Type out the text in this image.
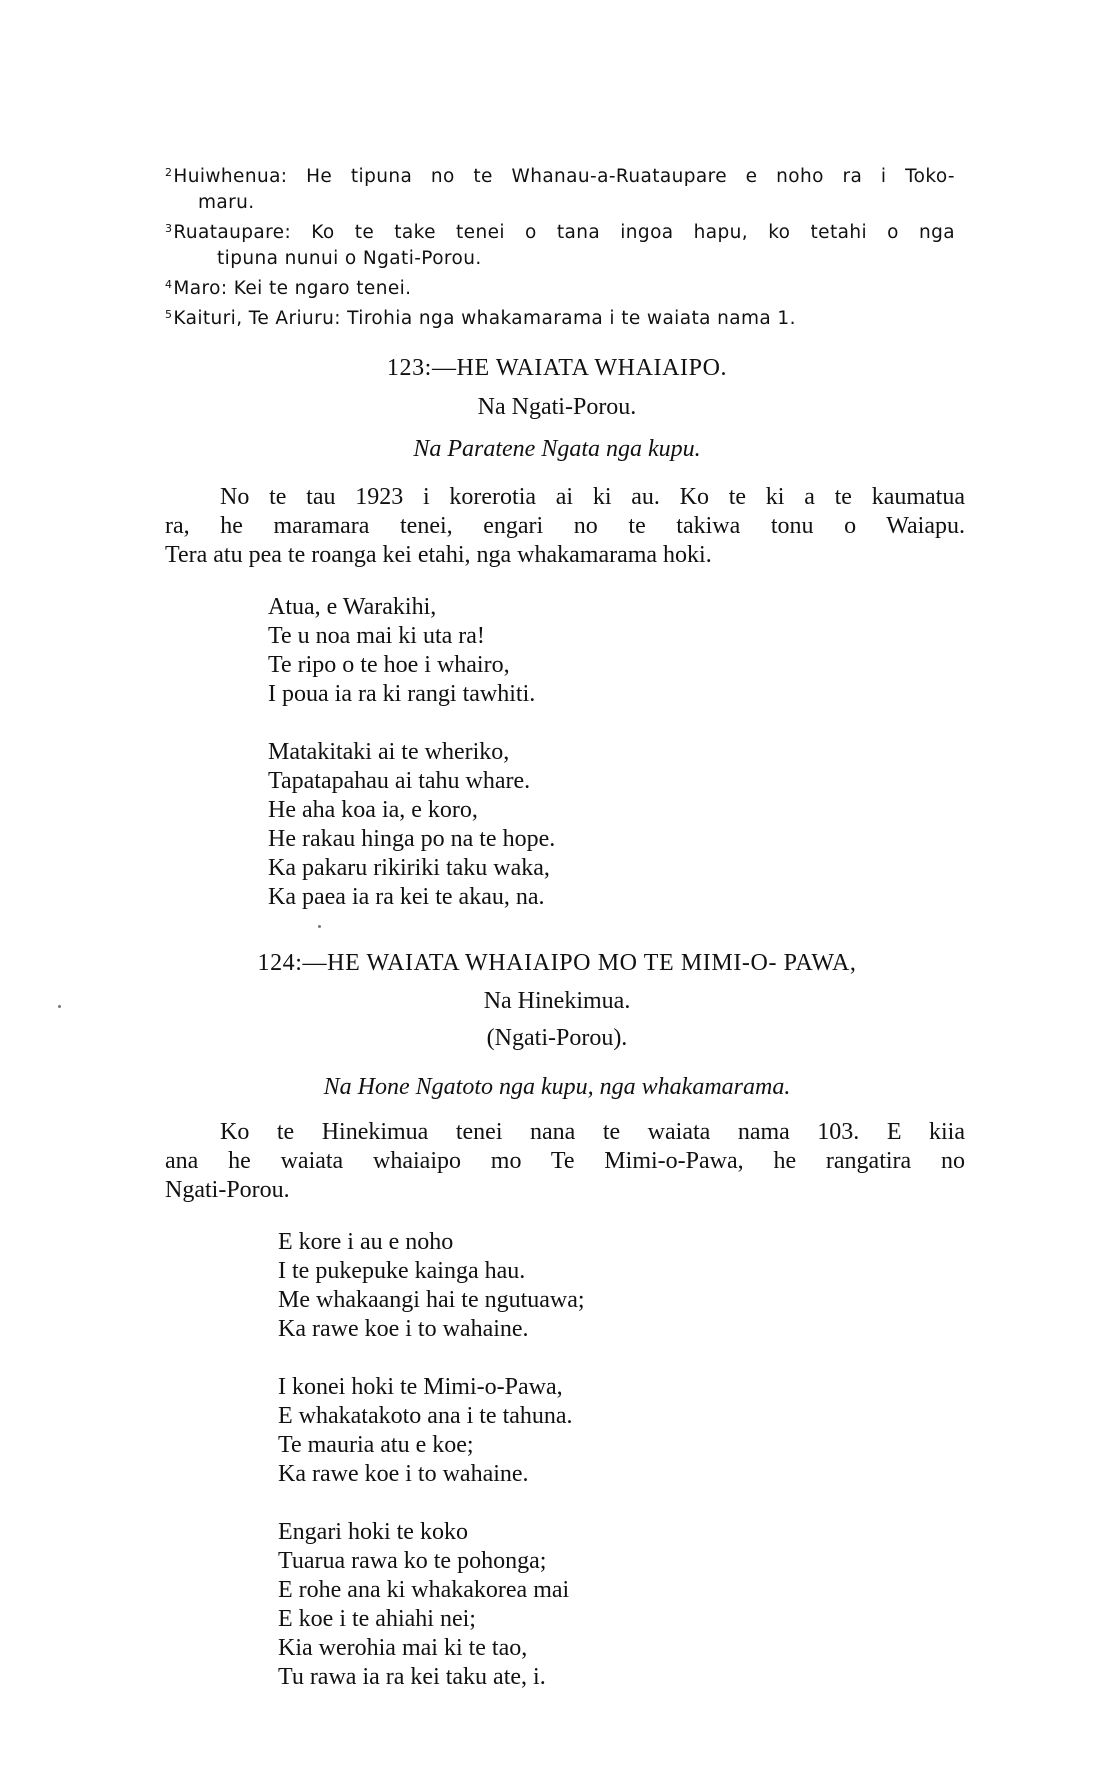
$^2$Huiwhenua: He tipuna no te Whanau-a-Ruataupare e noho ra i Toko-
maru.

$^3$Ruataupare: Ko te take tenei o tana ingoa hapu, ko tetahi o nga
tipuna nunui o Ngati-Porou.

$^4$Maro: Kei te ngaro tenei.

$^5$Kaituri, Te Ariuru: Tirohia nga whakamarama i te waiata nama 1.

123:—HE WAIATA WHAIAIPO.
Na Ngati-Porou.
Na Paratene Ngata nga kupu.
No te tau 1923 i korerotia ai ki au. Ko te ki a te kaumatua
ra, he maramara tenei, engari no te takiwa tonu o Waiapu.
Tera atu pea te roanga kei etahi, nga whakamarama hoki.
Atua, e Warakihi,
Te u noa mai ki uta ra!
Te ripo o te hoe i whairo,
I poua ia ra ki rangi tawhiti.
Matakitaki ai te wheriko,
Tapatapahau ai tahu whare.
He aha koa ia, e koro,
He rakau hinga po na te hope.
Ka pakaru rikiriki taku waka,
Ka paea ia ra kei te akau, na.
124:—HE WAIATA WHAIAIPO MO TE MIMI-O- PAWA,
Na Hinekimua.
(Ngati-Porou).
Na Hone Ngatoto nga kupu, nga whakamarama.
Ko te Hinekimua tenei nana te waiata nama 103. E kiia
ana he waiata whaiaipo mo Te Mimi-o-Pawa, he rangatira no
Ngati-Porou.
E kore i au e noho
I te pukepuke kainga hau.
Me whakaangi hai te ngutuawa;
Ka rawe koe i to wahaine.
I konei hoki te Mimi-o-Pawa,
E whakatakoto ana i te tahuna.
Te mauria atu e koe;
Ka rawe koe i to wahaine.
Engari hoki te koko
Tuarua rawa ko te pohonga;
E rohe ana ki whakakorea mai
E koe i te ahiahi nei;
Kia werohia mai ki te tao,
Tu rawa ia ra kei taku ate, i.
